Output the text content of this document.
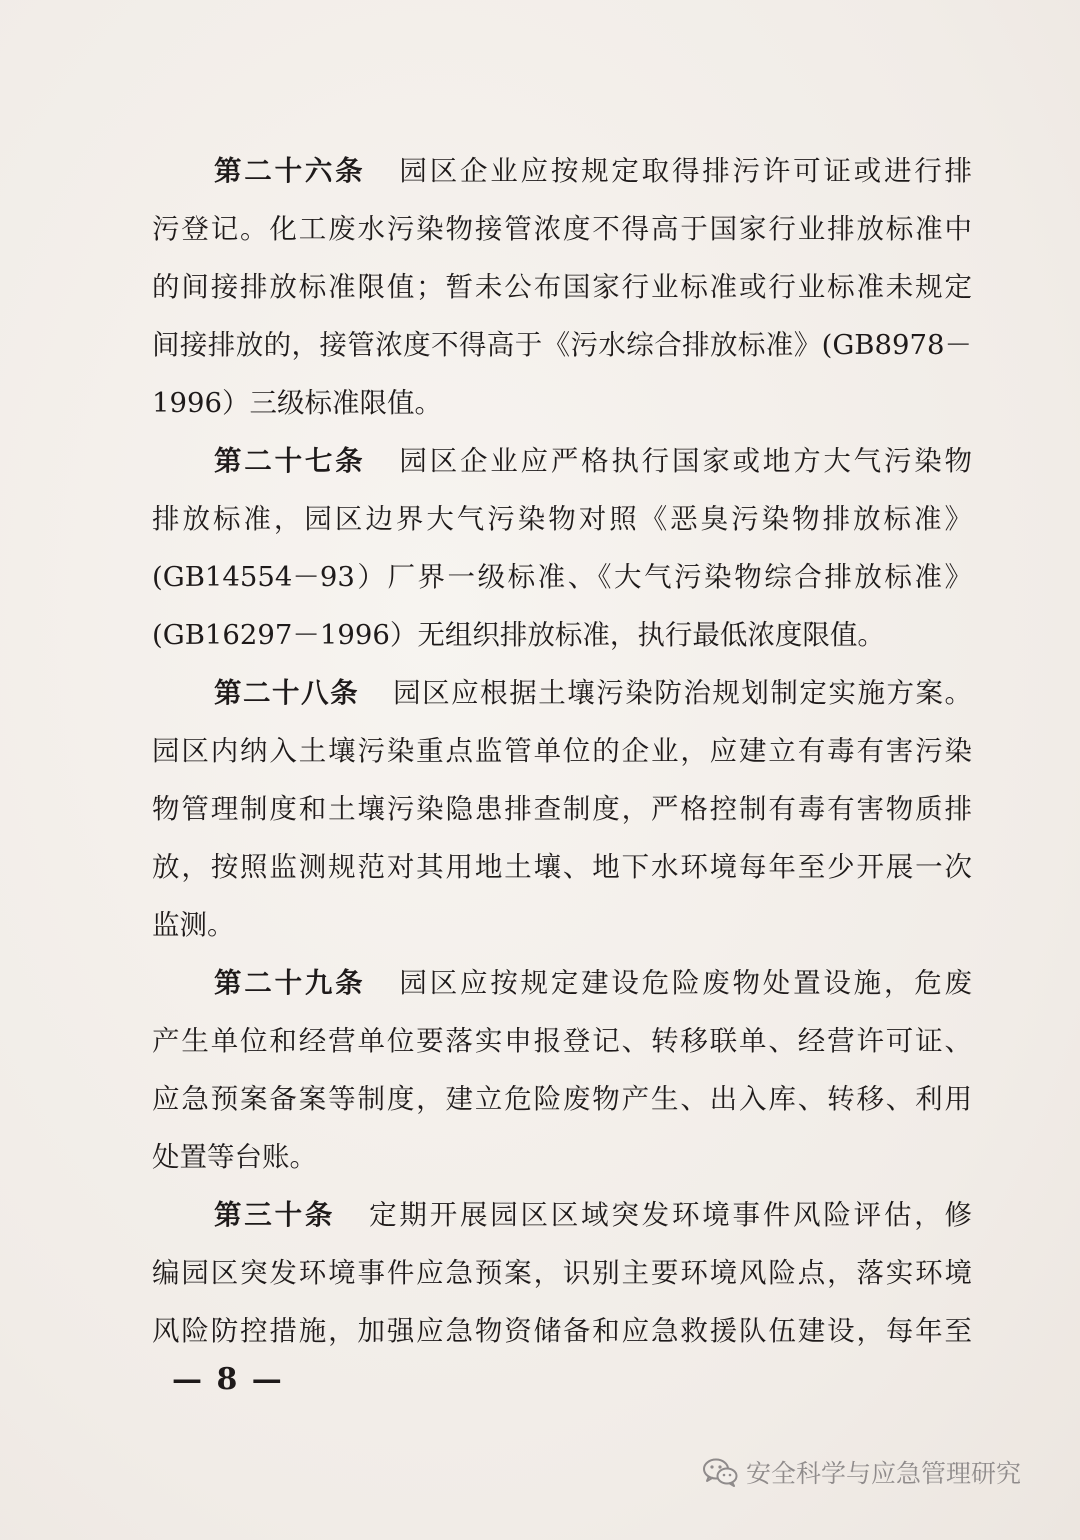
第二十六条 园区企业应按规定取得排污许可证或进行排
污登记。化工废水污染物接管浓度不得高于国家行业排放标准中
的间接排放标准限值；暂未公布国家行业标准或行业标准未规定
间接排放的，接管浓度不得高于《污水综合排放标准》(GB8978－
1996）三级标准限值。
第二十七条 园区企业应严格执行国家或地方大气污染物
排放标准，园区边界大气污染物对照《恶臭污染物排放标准》
(GB14554－93）厂界一级标准、《大气污染物综合排放标准》
(GB16297－1996）无组织排放标准，执行最低浓度限值。
第二十八条 园区应根据土壤污染防治规划制定实施方案。
园区内纳入土壤污染重点监管单位的企业，应建立有毒有害污染
物管理制度和土壤污染隐患排查制度，严格控制有毒有害物质排
放，按照监测规范对其用地土壤、地下水环境每年至少开展一次
监测。
第二十九条 园区应按规定建设危险废物处置设施，危废
产生单位和经营单位要落实申报登记、转移联单、经营许可证、
应急预案备案等制度，建立危险废物产生、出入库、转移、利用
处置等台账。
第三十条 定期开展园区区域突发环境事件风险评估，修
编园区突发环境事件应急预案，识别主要环境风险点，落实环境
风险防控措施，加强应急物资储备和应急救援队伍建设，每年至
— 8 —
安全科学与应急管理研究
